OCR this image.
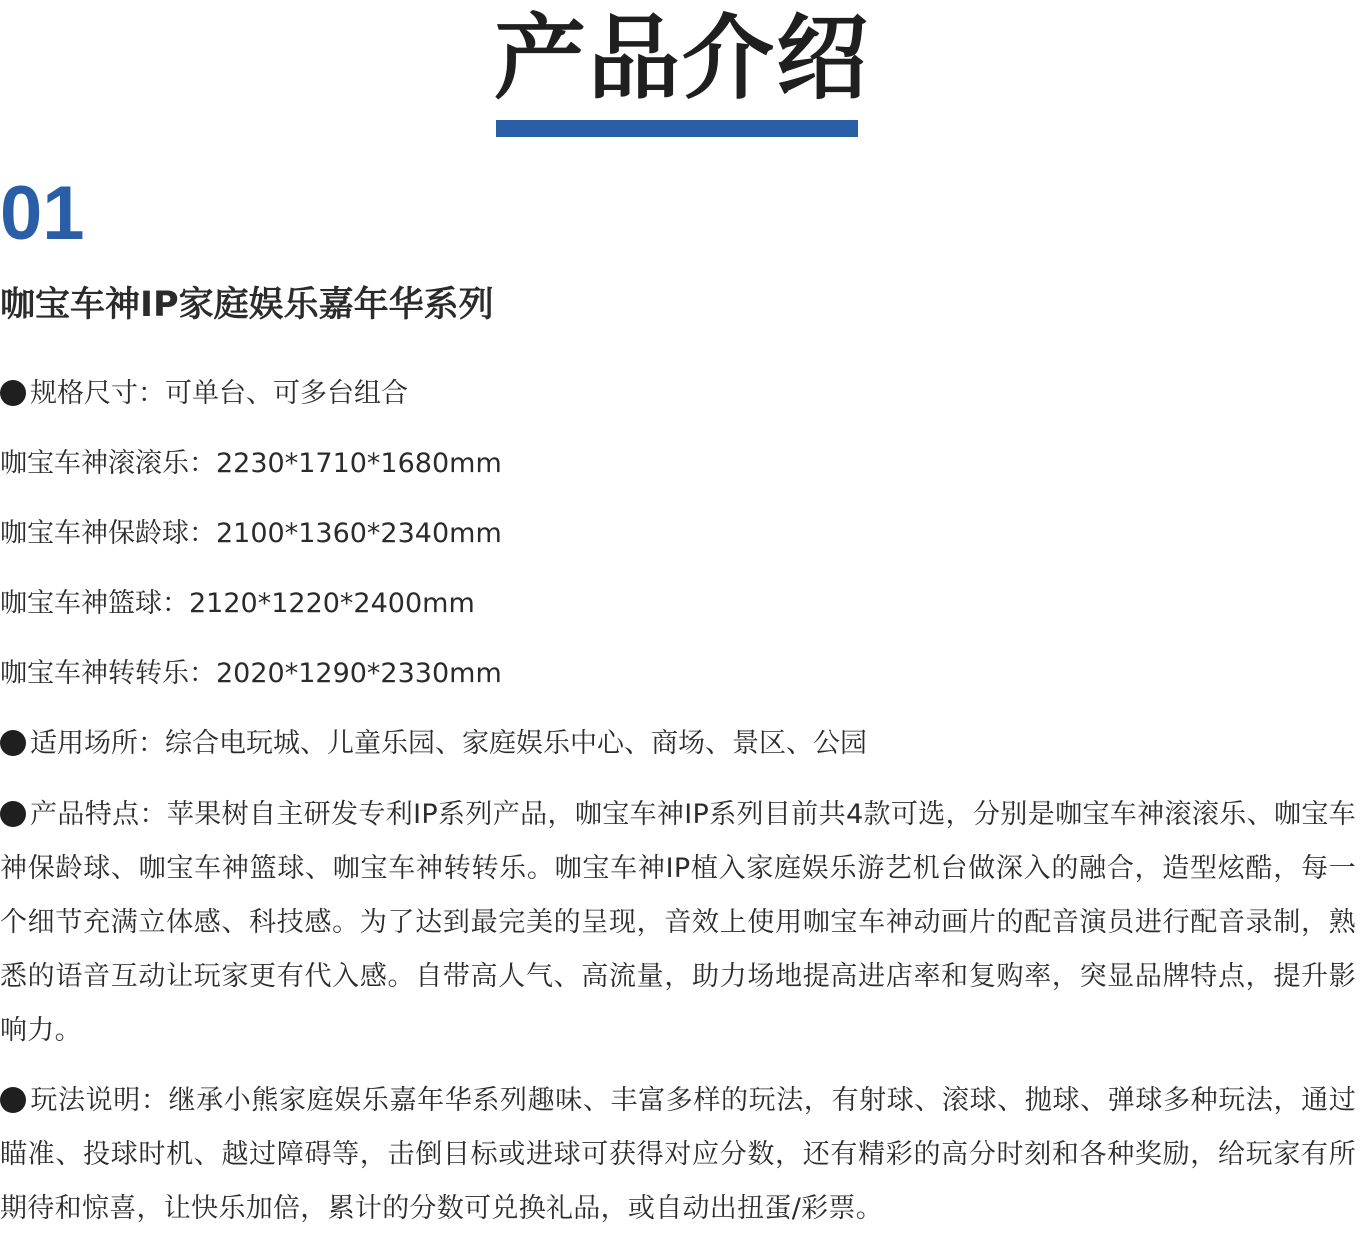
产品介绍
01
咖宝车神IP家庭娱乐嘉年华系列
规格尺寸：可单台、可多台组合
咖宝车神滚滚乐：2230*1710*1680mm
咖宝车神保龄球：2100*1360*2340mm
咖宝车神篮球：2120*1220*2400mm
咖宝车神转转乐：2020*1290*2330mm
适用场所：综合电玩城、儿童乐园、家庭娱乐中心、商场、景区、公园
产品特点：苹果树自主研发专利IP系列产品，咖宝车神IP系列目前共4款可选，分别是咖宝车神滚滚乐、咖宝车神保龄球、咖宝车神篮球、咖宝车神转转乐。咖宝车神IP植入家庭娱乐游艺机台做深入的融合，造型炫酷，每一个细节充满立体感、科技感。为了达到最完美的呈现，音效上使用咖宝车神动画片的配音演员进行配音录制，熟悉的语音互动让玩家更有代入感。自带高人气、高流量，助力场地提高进店率和复购率，突显品牌特点，提升影响力。
玩法说明：继承小熊家庭娱乐嘉年华系列趣味、丰富多样的玩法，有射球、滚球、抛球、弹球多种玩法，通过瞄准、投球时机、越过障碍等，击倒目标或进球可获得对应分数，还有精彩的高分时刻和各种奖励，给玩家有所期待和惊喜，让快乐加倍，累计的分数可兑换礼品，或自动出扭蛋/彩票。
